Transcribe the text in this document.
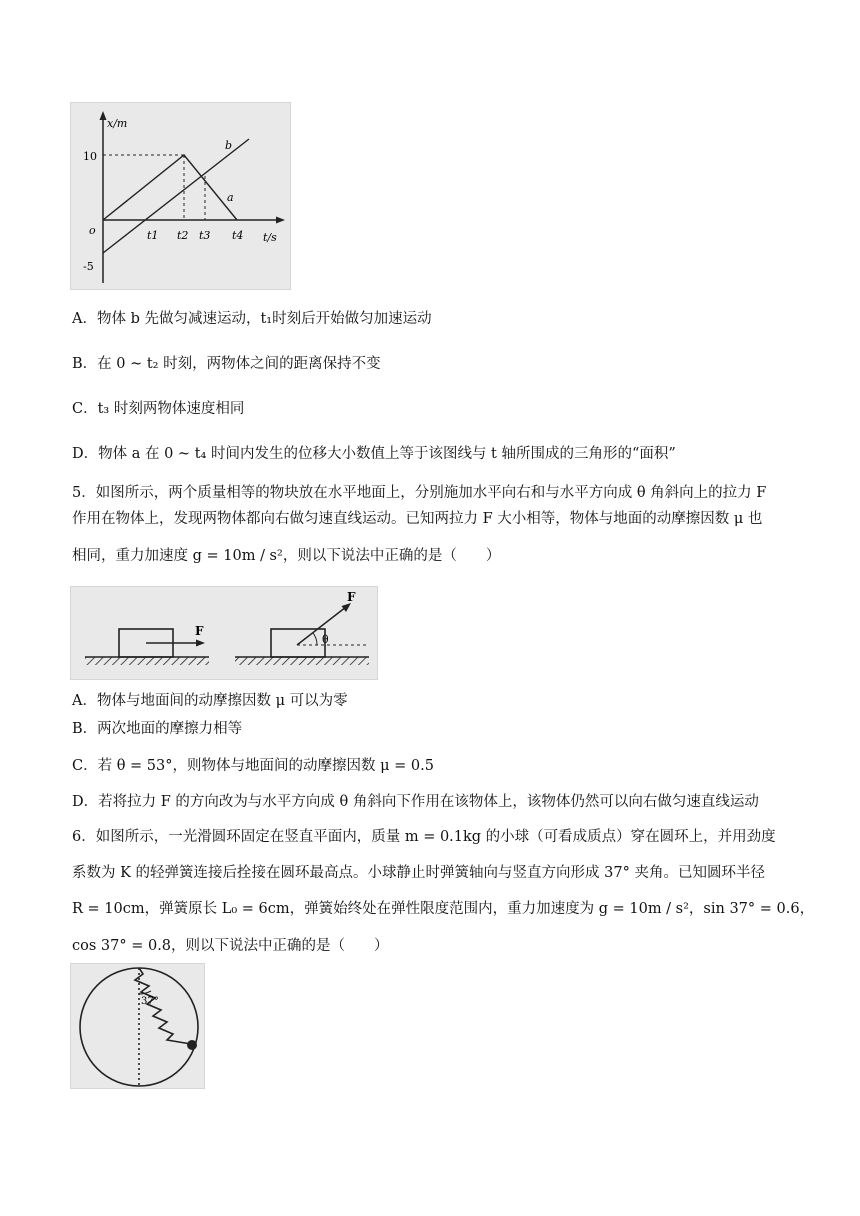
x/m
t/s
o
10
-5
t1 t2 t3 t4
a
b
A．物体 b 先做匀减速运动，t₁时刻后开始做匀加速运动
B．在 0 ~ t₂ 时刻，两物体之间的距离保持不变
C．t₃ 时刻两物体速度相同
D．物体 a 在 0 ~ t₄ 时间内发生的位移大小数值上等于该图线与 t 轴所围成的三角形的“面积”
5．如图所示，两个质量相等的物块放在水平地面上，分别施加水平向右和与水平方向成 θ 角斜向上的拉力 F
作用在物体上，发现两物体都向右做匀速直线运动。已知两拉力 F 大小相等，物体与地面的动摩擦因数 μ 也
相同，重力加速度 g = 10m / s²，则以下说法中正确的是（　　）
F
F
θ
A．物体与地面间的动摩擦因数 μ 可以为零
B．两次地面的摩擦力相等
C．若 θ = 53°，则物体与地面间的动摩擦因数 μ = 0.5
D．若将拉力 F 的方向改为与水平方向成 θ 角斜向下作用在该物体上，该物体仍然可以向右做匀速直线运动
6．如图所示，一光滑圆环固定在竖直平面内，质量 m = 0.1kg 的小球（可看成质点）穿在圆环上，并用劲度
系数为 K 的轻弹簧连接后拴接在圆环最高点。小球静止时弹簧轴向与竖直方向形成 37° 夹角。已知圆环半径
R = 10cm，弹簧原长 L₀ = 6cm，弹簧始终处在弹性限度范围内，重力加速度为 g = 10m / s²，sin 37° = 0.6，
cos 37° = 0.8，则以下说法中正确的是（　　）
37°
